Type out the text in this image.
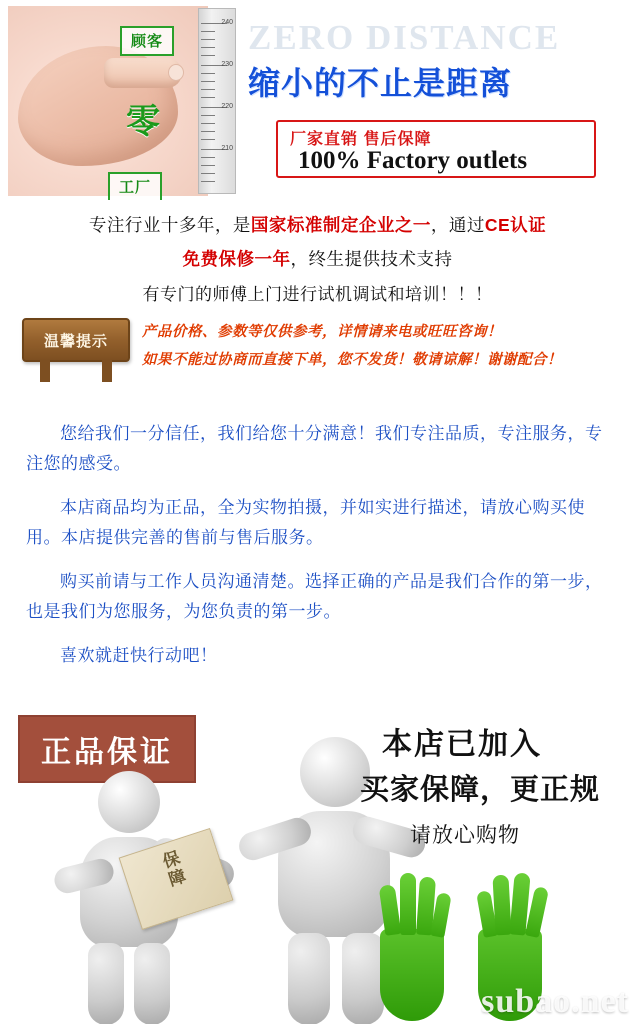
顾客
零
工厂
240
230
220
210
ZERO DISTANCE
缩小的不止是距离
厂家直销 售后保障
100% Factory outlets

专注行业十多年，是国家标准制定企业之一，通过CE认证

免费保修一年，终生提供技术支持

有专门的师傅上门进行试机调试和培训！！！

温馨提示
产品价格、参数等仅供参考，详情请来电或旺旺咨询！
如果不能过协商而直接下单，您不发货！敬请谅解！谢谢配合！

您给我们一分信任，我们给您十分满意！我们专注品质，专注服务，专注您的感受。

本店商品均为正品，全为实物拍摄，并如实进行描述，请放心购买使用。本店提供完善的售前与售后服务。

购买前请与工作人员沟通清楚。选择正确的产品是我们合作的第一步，也是我们为您服务，为您负责的第一步。

喜欢就赶快行动吧！

正品保证
保障
本店已加入
买家保障，更正规
请放心购物
subao.net
